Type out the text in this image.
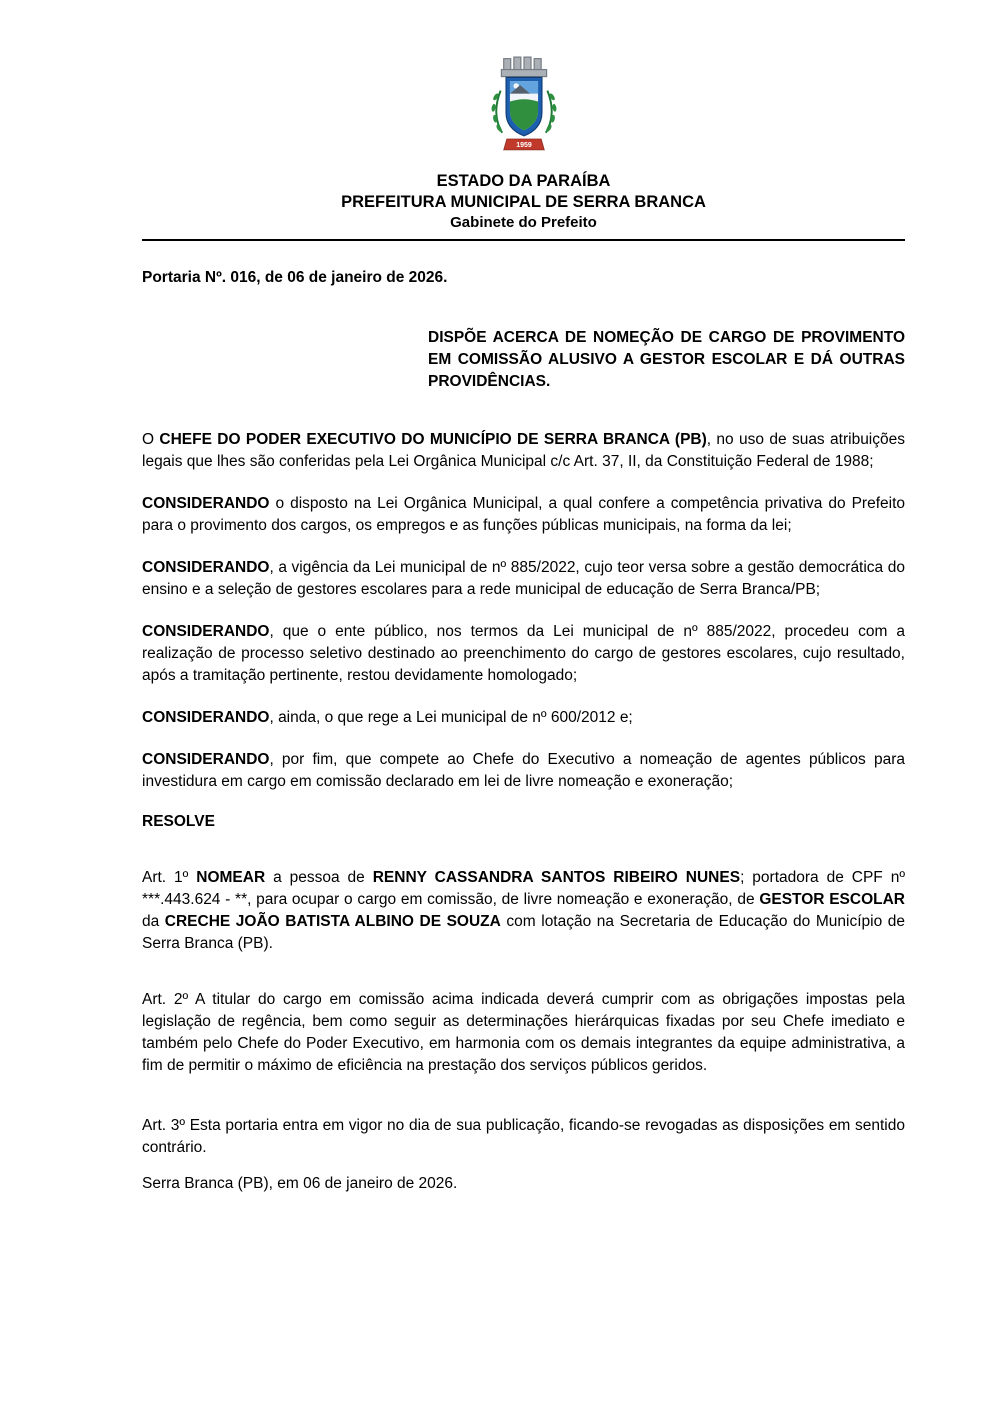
1959
ESTADO DA PARAÍBA
PREFEITURA MUNICIPAL DE SERRA BRANCA
Gabinete do Prefeito

Portaria Nº. 016, de 06 de janeiro de 2026.

DISPÕE ACERCA DE NOMEÇÃO DE CARGO DE PROVIMENTO EM COMISSÃO ALUSIVO A GESTOR ESCOLAR E DÁ OUTRAS PROVIDÊNCIAS.

O CHEFE DO PODER EXECUTIVO DO MUNICÍPIO DE SERRA BRANCA (PB), no uso de suas atribuições legais que lhes são conferidas pela Lei Orgânica Municipal c/c Art. 37, II, da Constituição Federal de 1988;

CONSIDERANDO o disposto na Lei Orgânica Municipal, a qual confere a competência privativa do Prefeito para o provimento dos cargos, os empregos e as funções públicas municipais, na forma da lei;

CONSIDERANDO, a vigência da Lei municipal de nº 885/2022, cujo teor versa sobre a gestão democrática do ensino e a seleção de gestores escolares para a rede municipal de educação de Serra Branca/PB;

CONSIDERANDO, que o ente público, nos termos da Lei municipal de nº 885/2022, procedeu com a realização de processo seletivo destinado ao preenchimento do cargo de gestores escolares, cujo resultado, após a tramitação pertinente, restou devidamente homologado;

CONSIDERANDO, ainda, o que rege a Lei municipal de nº 600/2012 e;

CONSIDERANDO, por fim, que compete ao Chefe do Executivo a nomeação de agentes públicos para investidura em cargo em comissão declarado em lei de livre nomeação e exoneração;

RESOLVE

Art. 1º NOMEAR a pessoa de RENNY CASSANDRA SANTOS RIBEIRO NUNES; portadora de CPF nº ***.443.624 - **, para ocupar o cargo em comissão, de livre nomeação e exoneração, de GESTOR ESCOLAR da CRECHE JOÃO BATISTA ALBINO DE SOUZA com lotação na Secretaria de Educação do Município de Serra Branca (PB).

Art. 2º A titular do cargo em comissão acima indicada deverá cumprir com as obrigações impostas pela legislação de regência, bem como seguir as determinações hierárquicas fixadas por seu Chefe imediato e também pelo Chefe do Poder Executivo, em harmonia com os demais integrantes da equipe administrativa, a fim de permitir o máximo de eficiência na prestação dos serviços públicos geridos.

Art. 3º Esta portaria entra em vigor no dia de sua publicação, ficando-se revogadas as disposições em sentido contrário.

Serra Branca (PB), em 06 de janeiro de 2026.
